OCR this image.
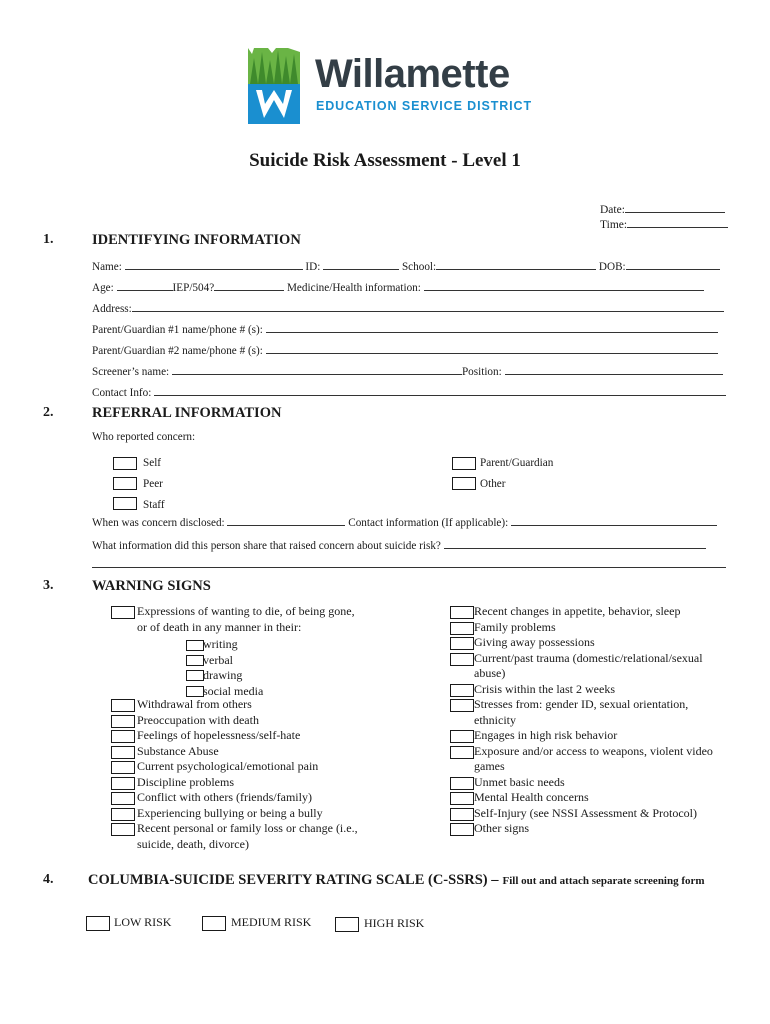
Willamette
EDUCATION SERVICE DISTRICT
Suicide Risk Assessment - Level 1
Date:
Time:
1.	IDENTIFYING INFORMATION
Name:	ID:	School:	DOB:
Age:	IEP/504?	Medicine/Health information:
Address:
Parent/Guardian #1 name/phone # (s):
Parent/Guardian #2 name/phone # (s):
Screener’s name:	Position:
Contact Info:
2.	REFERRAL INFORMATION
Who reported concern:
Self
Peer
Staff
Parent/Guardian
Other
When was concern disclosed:	Contact information (If applicable):
What information did this person share that raised concern about suicide risk?
3.	WARNING SIGNS
Expressions of wanting to die, of being gone,
or of death in any manner in their:
writing
verbal
drawing
social media
Withdrawal from others
Preoccupation with death
Feelings of hopelessness/self-hate
Substance Abuse
Current psychological/emotional pain
Discipline problems
Conflict with others (friends/family)
Experiencing bullying or being a bully
Recent personal or family loss or change (i.e.,
suicide, death, divorce)
Recent changes in appetite, behavior, sleep
Family problems
Giving away possessions
Current/past trauma (domestic/relational/sexual
abuse)
Crisis within the last 2 weeks
Stresses from: gender ID, sexual orientation,
ethnicity
Engages in high risk behavior
Exposure and/or access to weapons, violent video
games
Unmet basic needs
Mental Health concerns
Self-Injury (see NSSI Assessment & Protocol)
Other signs
4. COLUMBIA-SUICIDE SEVERITY RATING SCALE (C-SSRS) – Fill out and attach separate screening form
LOW RISK	MEDIUM RISK	HIGH RISK
